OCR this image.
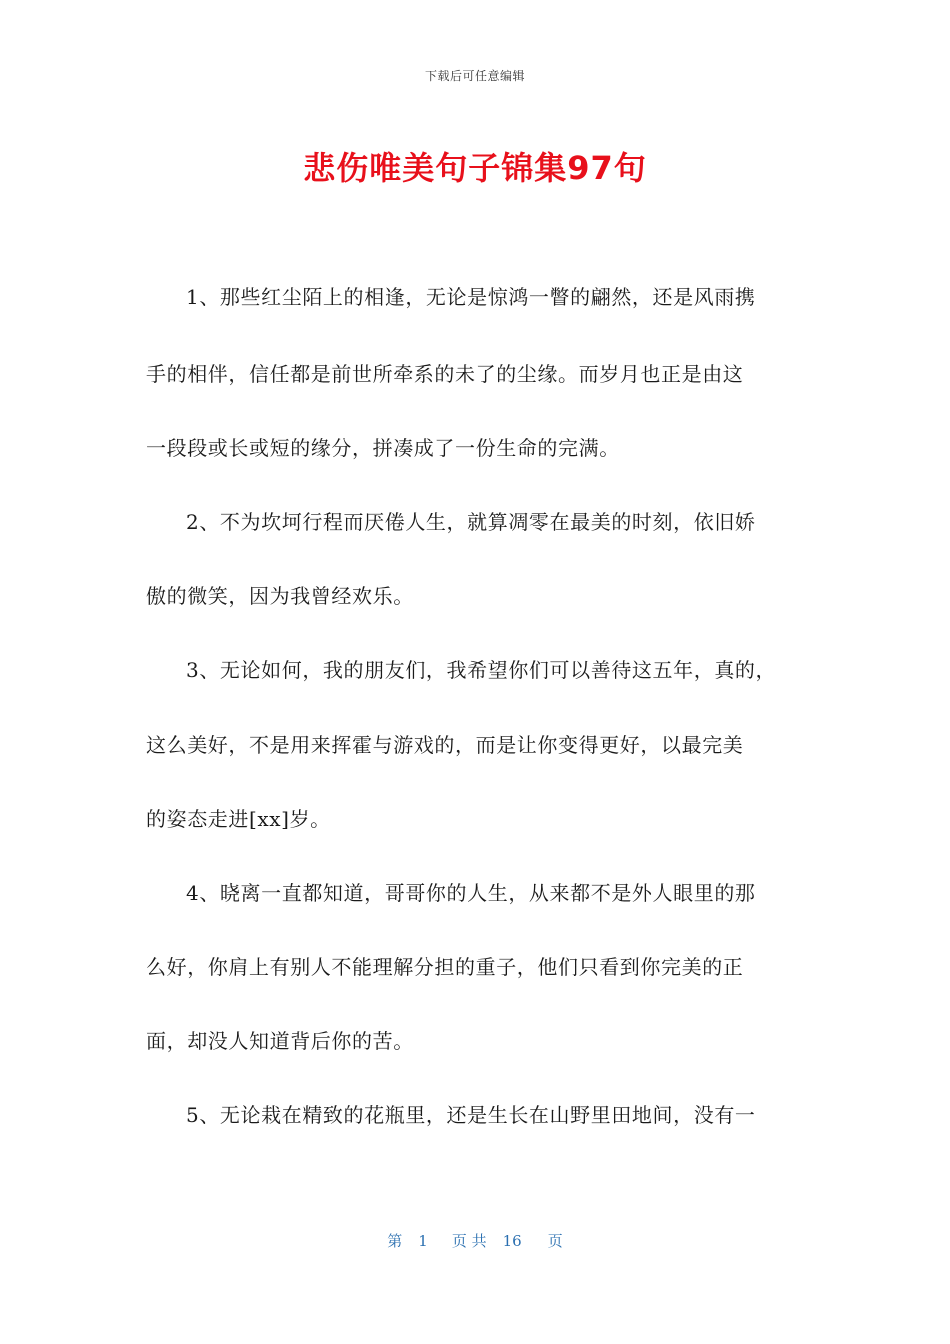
下载后可任意编辑
悲伤唯美句子锦集97句
1、那些红尘陌上的相逢，无论是惊鸿一瞥的翩然，还是风雨携
手的相伴，信任都是前世所牵系的未了的尘缘。而岁月也正是由这
一段段或长或短的缘分，拼凑成了一份生命的完满。
2、不为坎坷行程而厌倦人生，就算凋零在最美的时刻，依旧娇
傲的微笑，因为我曾经欢乐。
3、无论如何，我的朋友们，我希望你们可以善待这五年，真的，
这么美好，不是用来挥霍与游戏的，而是让你变得更好，以最完美
的姿态走进[xx]岁。
4、晓离一直都知道，哥哥你的人生，从来都不是外人眼里的那
么好，你肩上有别人不能理解分担的重子，他们只看到你完美的正
面，却没人知道背后你的苦。
5、无论栽在精致的花瓶里，还是生长在山野里田地间，没有一
第 1 页 共 16 页
